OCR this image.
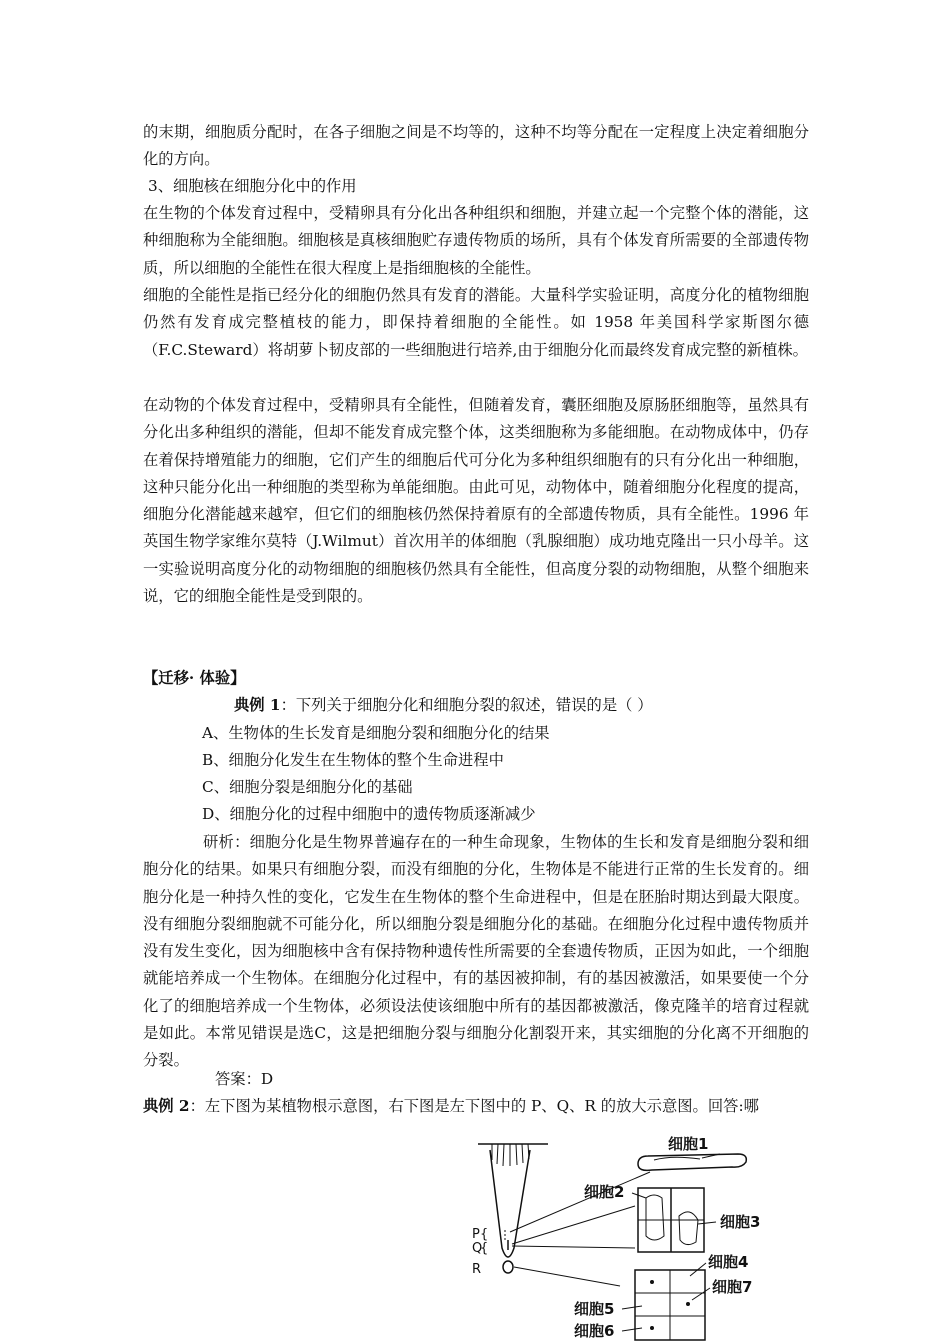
的末期，细胞质分配时，在各子细胞之间是不均等的，这种不均等分配在一定程度上决定着细胞分化的方向。

3、细胞核在细胞分化中的作用

在生物的个体发育过程中，受精卵具有分化出各种组织和细胞，并建立起一个完整个体的潜能，这种细胞称为全能细胞。细胞核是真核细胞贮存遗传物质的场所，具有个体发育所需要的全部遗传物质，所以细胞的全能性在很大程度上是指细胞核的全能性。

细胞的全能性是指已经分化的细胞仍然具有发育的潜能。大量科学实验证明，高度分化的植物细胞仍然有发育成完整植枝的能力，即保持着细胞的全能性。如 1958 年美国科学家斯图尔德（F.C.Steward）将胡萝卜韧皮部的一些细胞进行培养,由于细胞分化而最终发育成完整的新植株。

在动物的个体发育过程中，受精卵具有全能性，但随着发育，囊胚细胞及原肠胚细胞等，虽然具有分化出多种组织的潜能，但却不能发育成完整个体，这类细胞称为多能细胞。在动物成体中，仍存在着保持增殖能力的细胞，它们产生的细胞后代可分化为多种组织细胞有的只有分化出一种细胞，这种只能分化出一种细胞的类型称为单能细胞。由此可见，动物体中，随着细胞分化程度的提高，细胞分化潜能越来越窄，但它们的细胞核仍然保持着原有的全部遗传物质，具有全能性。1996 年英国生物学家维尔莫特（J.Wilmut）首次用羊的体细胞（乳腺细胞）成功地克隆出一只小母羊。这一实验说明高度分化的动物细胞的细胞核仍然具有全能性，但高度分裂的动物细胞，从整个细胞来说，它的细胞全能性是受到限的。

【迁移· 体验】

典例 1：下列关于细胞分化和细胞分裂的叙述，错误的是（ ）

A、生物体的生长发育是细胞分裂和细胞分化的结果

B、细胞分化发生在生物体的整个生命进程中

C、细胞分裂是细胞分化的基础

D、细胞分化的过程中细胞中的遗传物质逐渐减少

研析：细胞分化是生物界普遍存在的一种生命现象，生物体的生长和发育是细胞分裂和细胞分化的结果。如果只有细胞分裂，而没有细胞的分化，生物体是不能进行正常的生长发育的。细胞分化是一种持久性的变化，它发生在生物体的整个生命进程中，但是在胚胎时期达到最大限度。没有细胞分裂细胞就不可能分化，所以细胞分裂是细胞分化的基础。在细胞分化过程中遗传物质并没有发生变化，因为细胞核中含有保持物种遗传性所需要的全套遗传物质，正因为如此，一个细胞就能培养成一个生物体。在细胞分化过程中，有的基因被抑制，有的基因被激活，如果要使一个分化了的细胞培养成一个生物体，必须设法使该细胞中所有的基因都被激活，像克隆羊的培育过程就是如此。本常见错误是选C，这是把细胞分裂与细胞分化割裂开来，其实细胞的分化离不开细胞的分裂。

答案：D

典例 2：左下图为某植物根示意图，右下图是左下图中的 P、Q、R 的放大示意图。回答:哪

P {
Q
{
R
细胞1
细胞2
细胞3
细胞4
细胞7
细胞5
细胞6
